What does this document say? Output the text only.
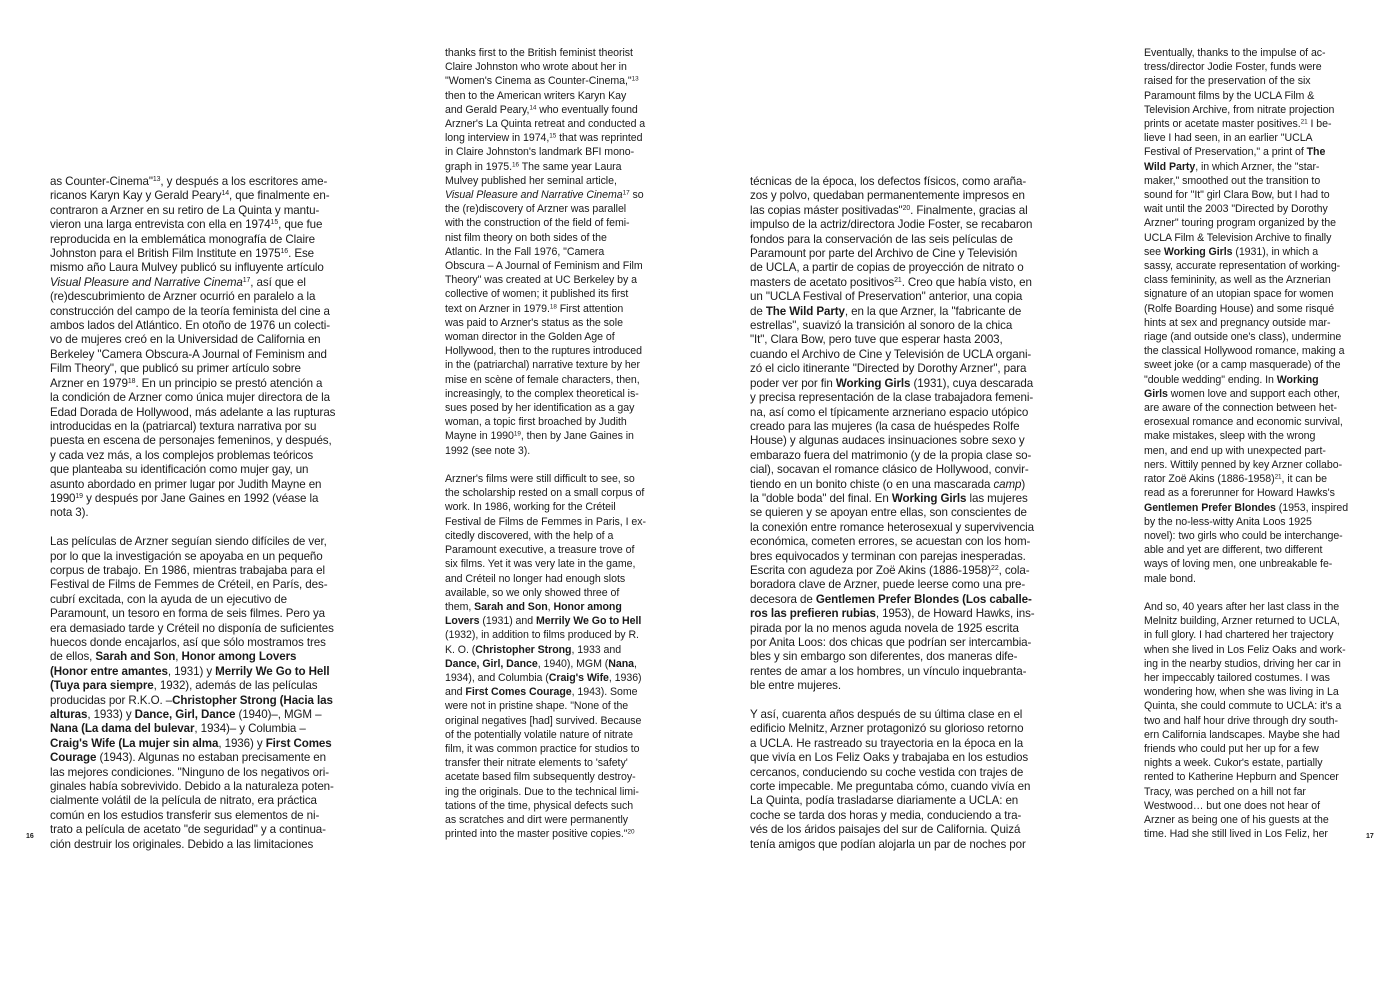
as Counter-Cinema"$^{13}$, y después a los escritores ame-
ricanos Karyn Kay y Gerald Peary$^{14}$, que finalmente en-
contraron a Arzner en su retiro de La Quinta y mantu-
vieron una larga entrevista con ella en 1974$^{15}$, que fue
reproducida en la emblemática monografía de Claire
Johnston para el British Film Institute en 1975$^{16}$. Ese
mismo año Laura Mulvey publicó su influyente artículo
Visual Pleasure and Narrative Cinema$^{17}$, así que el
(re)descubrimiento de Arzner ocurrió en paralelo a la
construcción del campo de la teoría feminista del cine a
ambos lados del Atlántico. En otoño de 1976 un colecti-
vo de mujeres creó en la Universidad de California en
Berkeley "Camera Obscura-A Journal of Feminism and
Film Theory", que publicó su primer artículo sobre
Arzner en 1979$^{18}$. En un principio se prestó atención a
la condición de Arzner como única mujer directora de la
Edad Dorada de Hollywood, más adelante a las rupturas
introducidas en la (patriarcal) textura narrativa por su
puesta en escena de personajes femeninos, y después,
y cada vez más, a los complejos problemas teóricos
que planteaba su identificación como mujer gay, un
asunto abordado en primer lugar por Judith Mayne en
1990$^{19}$ y después por Jane Gaines en 1992 (véase la
nota 3).

Las películas de Arzner seguían siendo difíciles de ver,
por lo que la investigación se apoyaba en un pequeño
corpus de trabajo. En 1986, mientras trabajaba para el
Festival de Films de Femmes de Créteil, en París, des-
cubrí excitada, con la ayuda de un ejecutivo de
Paramount, un tesoro en forma de seis filmes. Pero ya
era demasiado tarde y Créteil no disponía de suficientes
huecos donde encajarlos, así que sólo mostramos tres
de ellos, Sarah and Son, Honor among Lovers
(Honor entre amantes, 1931) y Merrily We Go to Hell
(Tuya para siempre, 1932), además de las películas
producidas por R.K.O. –Christopher Strong (Hacia las
alturas, 1933) y Dance, Girl, Dance (1940)–, MGM –
Nana (La dama del bulevar, 1934)– y Columbia –
Craig's Wife (La mujer sin alma, 1936) y First Comes
Courage (1943). Algunas no estaban precisamente en
las mejores condiciones. "Ninguno de los negativos ori-
ginales había sobrevivido. Debido a la naturaleza poten-
cialmente volátil de la película de nitrato, era práctica
común en los estudios transferir sus elementos de ni-
trato a película de acetato "de seguridad" y a continua-
ción destruir los originales. Debido a las limitaciones

thanks first to the British feminist theorist
Claire Johnston who wrote about her in
"Women's Cinema as Counter-Cinema,"$^{13}$
then to the American writers Karyn Kay
and Gerald Peary,$^{14}$ who eventually found
Arzner's La Quinta retreat and conducted a
long interview in 1974,15 that was reprinted
in Claire Johnston's landmark BFI mono-
graph in 1975.16 The same year Laura
Mulvey published her seminal article,
Visual Pleasure and Narrative Cinema$^{17}$ so
the (re)discovery of Arzner was parallel
with the construction of the field of femi-
nist film theory on both sides of the
Atlantic. In the Fall 1976, "Camera
Obscura – A Journal of Feminism and Film
Theory" was created at UC Berkeley by a
collective of women; it published its first
text on Arzner in 1979.18 First attention
was paid to Arzner's status as the sole
woman director in the Golden Age of
Hollywood, then to the ruptures introduced
in the (patriarchal) narrative texture by her
mise en scène of female characters, then,
increasingly, to the complex theoretical is-
sues posed by her identification as a gay
woman, a topic first broached by Judith
Mayne in 1990$^{19}$, then by Jane Gaines in
1992 (see note 3).

Arzner's films were still difficult to see, so
the scholarship rested on a small corpus of
work. In 1986, working for the Créteil
Festival de Films de Femmes in Paris, I ex-
citedly discovered, with the help of a
Paramount executive, a treasure trove of
six films. Yet it was very late in the game,
and Créteil no longer had enough slots
available, so we only showed three of
them, Sarah and Son, Honor among
Lovers (1931) and Merrily We Go to Hell
(1932), in addition to films produced by R.
K. O. (Christopher Strong, 1933 and
Dance, Girl, Dance, 1940), MGM (Nana,
1934), and Columbia (Craig's Wife, 1936)
and First Comes Courage, 1943). Some
were not in pristine shape. "None of the
original negatives [had] survived. Because
of the potentially volatile nature of nitrate
film, it was common practice for studios to
transfer their nitrate elements to 'safety'
acetate based film subsequently destroy-
ing the originals. Due to the technical limi-
tations of the time, physical defects such
as scratches and dirt were permanently
printed into the master positive copies."$^{20}$

técnicas de la época, los defectos físicos, como araña-
zos y polvo, quedaban permanentemente impresos en
las copias máster positivadas"$^{20}$. Finalmente, gracias al
impulso de la actriz/directora Jodie Foster, se recabaron
fondos para la conservación de las seis películas de
Paramount por parte del Archivo de Cine y Televisión
de UCLA, a partir de copias de proyección de nitrato o
masters de acetato positivos$^{21}$. Creo que había visto, en
un "UCLA Festival of Preservation" anterior, una copia
de The Wild Party, en la que Arzner, la "fabricante de
estrellas", suavizó la transición al sonoro de la chica
"It", Clara Bow, pero tuve que esperar hasta 2003,
cuando el Archivo de Cine y Televisión de UCLA organi-
zó el ciclo itinerante "Directed by Dorothy Arzner", para
poder ver por fin Working Girls (1931), cuya descarada
y precisa representación de la clase trabajadora femeni-
na, así como el típicamente arzneriano espacio utópico
creado para las mujeres (la casa de huéspedes Rolfe
House) y algunas audaces insinuaciones sobre sexo y
embarazo fuera del matrimonio (y de la propia clase so-
cial), socavan el romance clásico de Hollywood, convir-
tiendo en un bonito chiste (o en una mascarada camp)
la "doble boda" del final. En Working Girls las mujeres
se quieren y se apoyan entre ellas, son conscientes de
la conexión entre romance heterosexual y supervivencia
económica, cometen errores, se acuestan con los hom-
bres equivocados y terminan con parejas inesperadas.
Escrita con agudeza por Zoë Akins (1886-1958)$^{22}$, cola-
boradora clave de Arzner, puede leerse como una pre-
decesora de Gentlemen Prefer Blondes (Los caballe-
ros las prefieren rubias, 1953), de Howard Hawks, ins-
pirada por la no menos aguda novela de 1925 escrita
por Anita Loos: dos chicas que podrían ser intercambia-
bles y sin embargo son diferentes, dos maneras dife-
rentes de amar a los hombres, un vínculo inquebranta-
ble entre mujeres.

Y así, cuarenta años después de su última clase en el
edificio Melnitz, Arzner protagonizó su glorioso retorno
a UCLA. He rastreado su trayectoria en la época en la
que vivía en Los Feliz Oaks y trabajaba en los estudios
cercanos, conduciendo su coche vestida con trajes de
corte impecable. Me preguntaba cómo, cuando vivía en
La Quinta, podía trasladarse diariamente a UCLA: en
coche se tarda dos horas y media, conduciendo a tra-
vés de los áridos paisajes del sur de California. Quizá
tenía amigos que podían alojarla un par de noches por

Eventually, thanks to the impulse of ac-
tress/director Jodie Foster, funds were
raised for the preservation of the six
Paramount films by the UCLA Film &
Television Archive, from nitrate projection
prints or acetate master positives.$^{21}$ I be-
lieve I had seen, in an earlier "UCLA
Festival of Preservation," a print of The
Wild Party, in which Arzner, the "star-
maker," smoothed out the transition to
sound for "It" girl Clara Bow, but I had to
wait until the 2003 "Directed by Dorothy
Arzner" touring program organized by the
UCLA Film & Television Archive to finally
see Working Girls (1931), in which a
sassy, accurate representation of working-
class femininity, as well as the Arznerian
signature of an utopian space for women
(Rolfe Boarding House) and some risqué
hints at sex and pregnancy outside mar-
riage (and outside one's class), undermine
the classical Hollywood romance, making a
sweet joke (or a camp masquerade) of the
"double wedding" ending. In Working
Girls women love and support each other,
are aware of the connection between het-
erosexual romance and economic survival,
make mistakes, sleep with the wrong
men, and end up with unexpected part-
ners. Wittily penned by key Arzner collabo-
rator Zoë Akins (1886-1958)$^{21}$, it can be
read as a forerunner for Howard Hawks's
Gentlemen Prefer Blondes (1953, inspired
by the no-less-witty Anita Loos 1925
novel): two girls who could be interchange-
able and yet are different, two different
ways of loving men, one unbreakable fe-
male bond.

And so, 40 years after her last class in the
Melnitz building, Arzner returned to UCLA,
in full glory. I had chartered her trajectory
when she lived in Los Feliz Oaks and work-
ing in the nearby studios, driving her car in
her impeccably tailored costumes. I was
wondering how, when she was living in La
Quinta, she could commute to UCLA: it's a
two and half hour drive through dry south-
ern California landscapes. Maybe she had
friends who could put her up for a few
nights a week. Cukor's estate, partially
rented to Katherine Hepburn and Spencer
Tracy, was perched on a hill not far
Westwood… but one does not hear of
Arzner as being one of his guests at the
time. Had she still lived in Los Feliz, her

16	17
